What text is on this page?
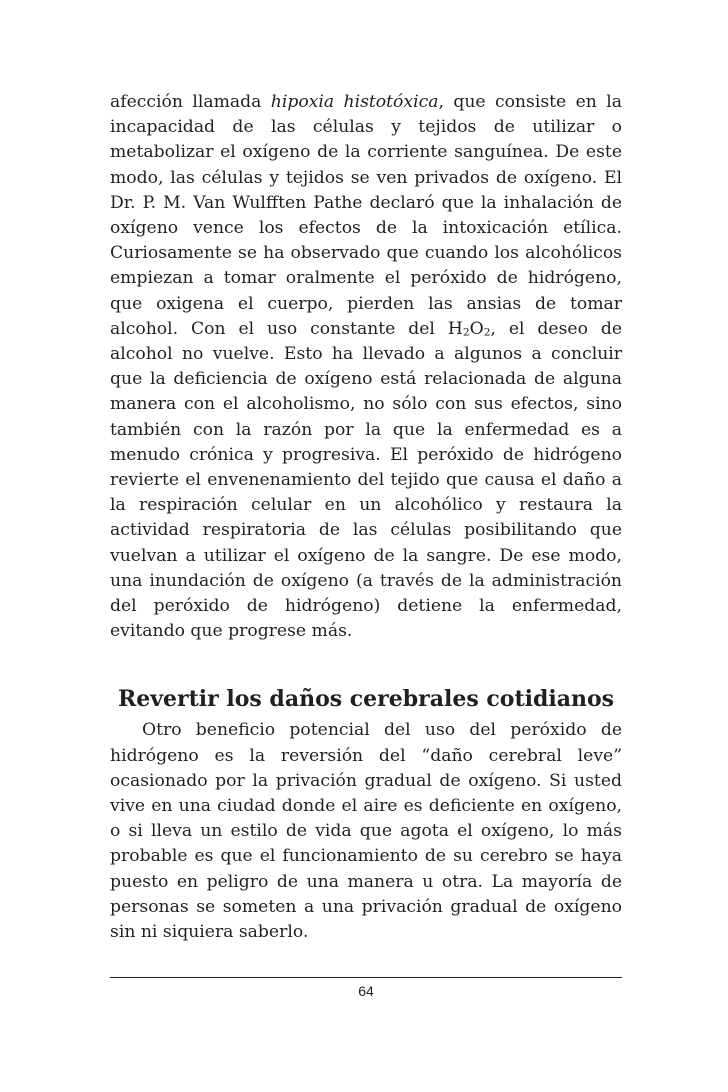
afección llamada hipoxia histotóxica, que consiste en la incapacidad de las células y tejidos de utilizar o metabolizar el oxígeno de la corriente sanguínea. De este modo, las células y tejidos se ven privados de oxígeno. El Dr. P. M. Van Wulfften Pathe declaró que la inhalación de oxígeno vence los efectos de la intoxicación etílica. Curiosamente se ha observado que cuando los alcohólicos empiezan a tomar oralmente el peróxido de hidrógeno, que oxigena el cuerpo, pierden las ansias de tomar alcohol. Con el uso constante del $H_2O_2$, el deseo de alcohol no vuelve. Esto ha llevado a algunos a concluir que la deficiencia de oxígeno está relacionada de alguna manera con el alcoholismo, no sólo con sus efectos, sino también con la razón por la que la enfermedad es a menudo crónica y progresiva. El peróxido de hidrógeno revierte el envenenamiento del tejido que causa el daño a la respiración celular en un alcohólico y restaura la actividad respiratoria de las células posibilitando que vuelvan a utilizar el oxígeno de la sangre. De ese modo, una inundación de oxígeno (a través de la administración del peróxido de hidrógeno) detiene la enfermedad, evitando que progrese más.

Revertir los daños cerebrales cotidianos

Otro beneficio potencial del uso del peróxido de hidrógeno es la reversión del “daño cerebral leve” ocasionado por la privación gradual de oxígeno. Si usted vive en una ciudad donde el aire es deficiente en oxígeno, o si lleva un estilo de vida que agota el oxígeno, lo más probable es que el funcionamiento de su cerebro se haya puesto en peligro de una manera u otra. La mayoría de personas se someten a una privación gradual de oxígeno sin ni siquiera saberlo.

64
